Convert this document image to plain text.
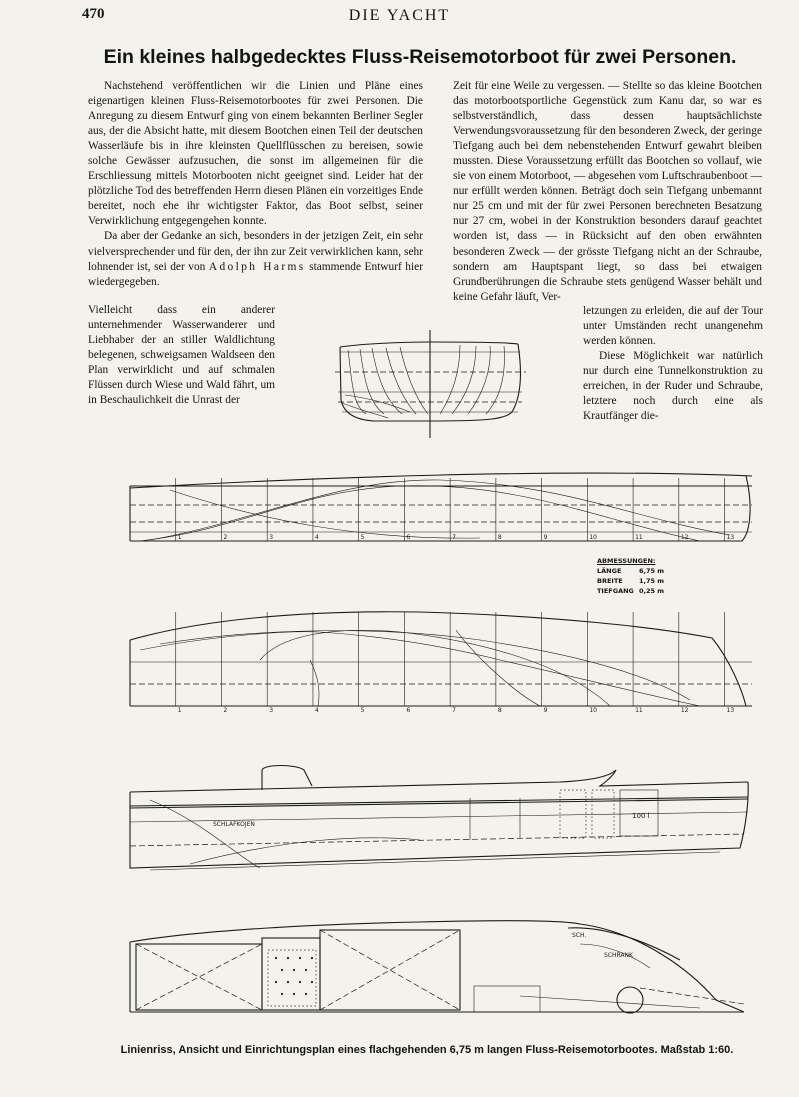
470	DIE YACHT
Ein kleines halbgedecktes Fluss-Reisemotorboot für zwei Personen.

Nachstehend veröffentlichen wir die Linien und Pläne eines eigenartigen kleinen Fluss-Reisemotorbootes für zwei Personen. Die Anregung zu diesem Entwurf ging von einem bekannten Berliner Segler aus, der die Absicht hatte, mit diesem Bootchen einen Teil der deutschen Wasserläufe bis in ihre kleinsten Quellflüsschen zu bereisen, sowie solche Gewässer aufzusuchen, die sonst im allgemeinen für die Erschliessung mittels Motorbooten nicht geeignet sind. Leider hat der plötzliche Tod des betreffenden Herrn diesen Plänen ein vorzeitiges Ende bereitet, noch ehe ihr wichtigster Faktor, das Boot selbst, seiner Verwirklichung entgegengehen konnte.

Da aber der Gedanke an sich, besonders in der jetzigen Zeit, ein sehr vielversprechender und für den, der ihn zur Zeit verwirklichen kann, sehr lohnender ist, sei der von Adolph Harms stammende Entwurf hier wiedergegeben.

Vielleicht dass ein anderer unternehmender Wasserwanderer und Liebhaber der an stiller Waldlichtung belegenen, schweigsamen Waldseen den Plan verwirklicht und auf schmalen Flüssen durch Wiese und Wald fährt, um in Beschaulichkeit die Unrast der

Zeit für eine Weile zu vergessen. — Stellte so das kleine Bootchen das motorbootsportliche Gegenstück zum Kanu dar, so war es selbstverständlich, dass dessen hauptsächlichste Verwendungsvoraussetzung für den besonderen Zweck, der geringe Tiefgang auch bei dem nebenstehenden Entwurf gewahrt bleiben mussten. Diese Voraussetzung erfüllt das Bootchen so vollauf, wie sie von einem Motorboot, — abgesehen vom Luftschraubenboot — nur erfüllt werden können. Beträgt doch sein Tiefgang unbemannt nur 25 cm und mit der für zwei Personen berechneten Besatzung nur 27 cm, wobei in der Konstruktion besonders darauf geachtet worden ist, dass — in Rücksicht auf den oben erwähnten besonderen Zweck — der grösste Tiefgang nicht an der Schraube, sondern am Hauptspant liegt, so dass bei etwaigen Grundberührungen die Schraube stets genügend Wasser behält und keine Gefahr läuft, Ver-

letzungen zu erleiden, die auf der Tour unter Umständen recht unangenehm werden können.

Diese Möglichkeit war natürlich nur durch eine Tunnelkonstruktion zu erreichen, in der Ruder und Schraube, letztere noch durch eine als Krautfänger die-

1	2	3	4	5	6	7	8	9	10	11	12	13
1	2	3	4	5	6	7	8	9	10	11	12	13
SCHLAFKOJEN
100 l
SCH.
SCHRANK
ABMESSUNGEN:
LÄNGE	6,75 m
BREITE	1,75 m
TIEFGANG 0,25 m
Linienriss, Ansicht und Einrichtungsplan eines flachgehenden 6,75 m langen Fluss-Reisemotorbootes. Maßstab 1:60.
